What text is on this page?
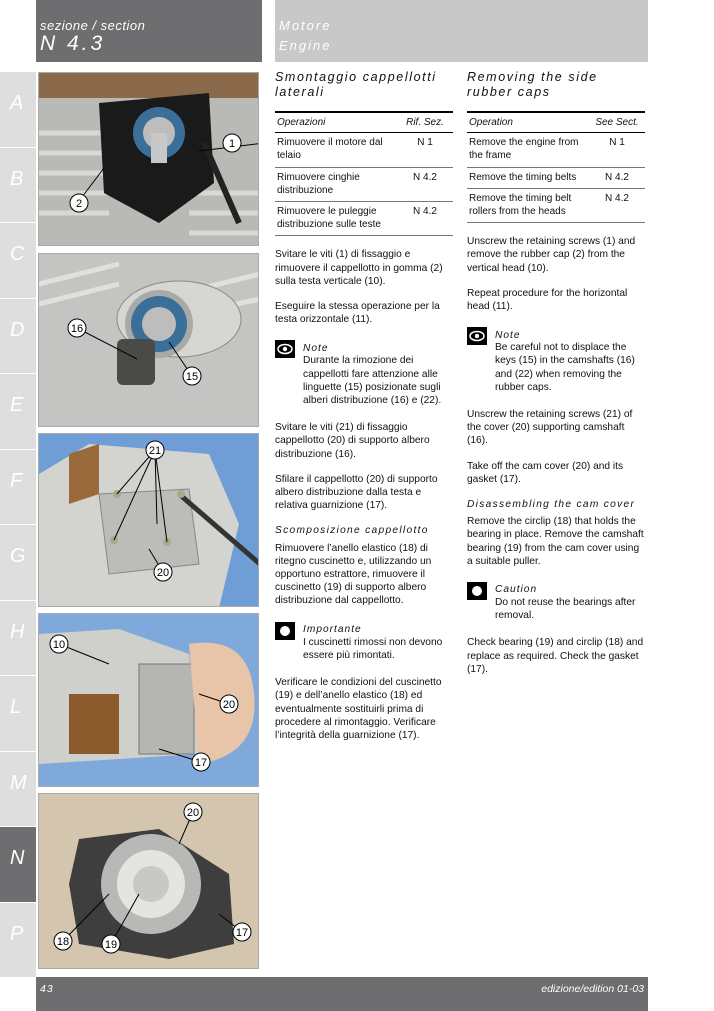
sezione / section
N 4.3
Motore
Engine
A
B
C
D
E
F
G
H
L
M
N
P
1
2
16
15
21
20
10
20
17
20
18	19
17
Smontaggio cappellotti laterali
Operazioni	Rif. Sez.
Rimuovere il motore dal telaio	N 1
Rimuovere cinghie distribuzione	N 4.2
Rimuovere le puleggie distribuzione sulle teste	N 4.2

Svitare le viti (1) di fissaggio e rimuovere il cappellotto in gomma (2) sulla testa verticale (10).

Eseguire la stessa operazione per la testa orizzontale (11).

Note
Durante la rimozione dei cappellotti fare attenzione alle linguette (15) posizionate sugli alberi distribuzione (16) e (22).

Svitare le viti (21) di fissaggio cappellotto (20) di supporto albero distribuzione (16).

Sfilare il cappellotto (20) di supporto albero distribuzione dalla testa e relativa guarnizione (17).

Scomposizione cappellotto

Rimuovere l’anello elastico (18) di ritegno cuscinetto e, utilizzando un opportuno estrattore, rimuovere il cuscinetto (19) di supporto albero distribuzione dal cappellotto.

Importante
I cuscinetti rimossi non devono essere più rimontati.

Verificare le condizioni del cuscinetto (19) e dell’anello elastico (18) ed eventualmente sostituirli prima di procedere al rimontaggio. Verificare l’integrità della guarnizione (17).

Removing the side rubber caps
Operation	See Sect.
Remove the engine from the frame	N 1
Remove the timing belts	N 4.2
Remove the timing belt rollers from the heads	N 4.2

Unscrew the retaining screws (1) and remove the rubber cap (2) from the vertical head (10).

Repeat procedure for the horizontal head (11).

Note
Be careful not to displace the keys (15) in the camshafts (16) and (22) when removing the rubber caps.

Unscrew the retaining screws (21) of the cover (20) supporting camshaft (16).

Take off the cam cover (20) and its gasket (17).

Disassembling the cam cover

Remove the circlip (18) that holds the bearing in place. Remove the camshaft bearing (19) from the cam cover using a suitable puller.

Caution
Do not reuse the bearings after removal.

Check bearing (19) and circlip (18) and replace as required. Check the gasket (17).

43	edizione/edition 01-03
